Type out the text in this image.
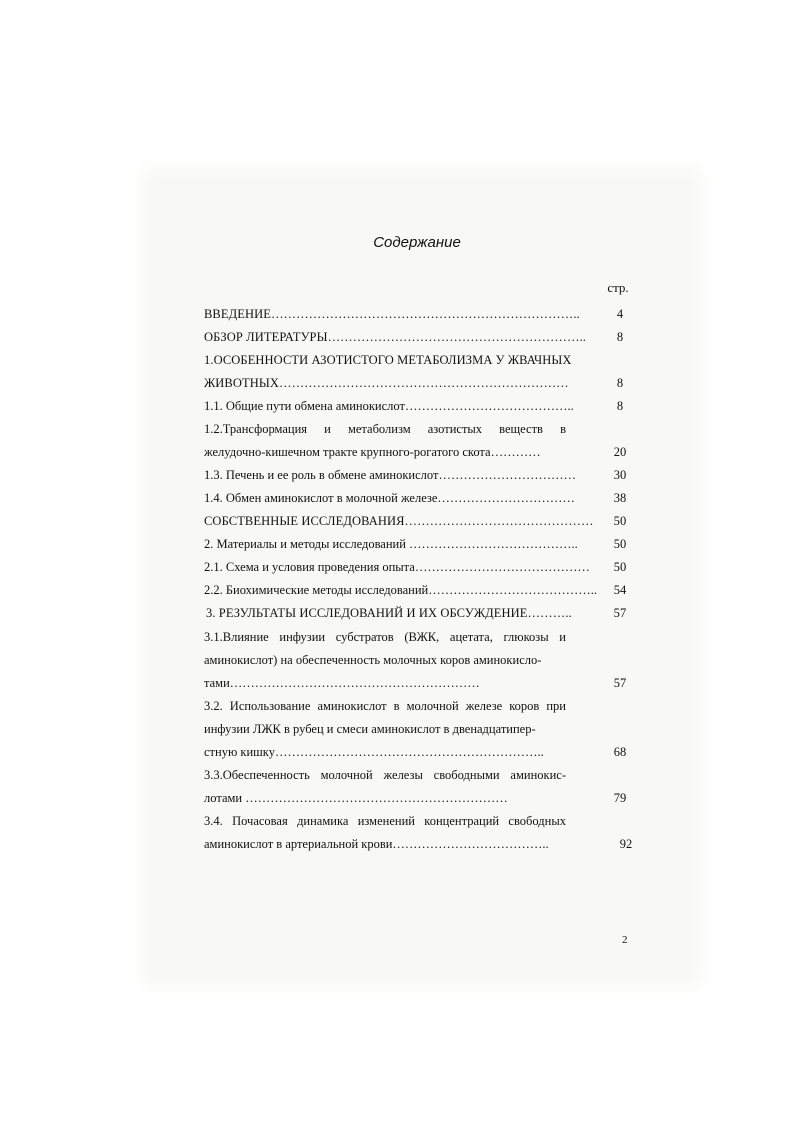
Содержание
стр.
ВВЕДЕНИЕ………………………………………………………………..	4
ОБЗОР ЛИТЕРАТУРЫ……………………………………………………..	8
1.ОСОБЕННОСТИ АЗОТИСТОГО МЕТАБОЛИЗМА У ЖВАЧНЫХ
ЖИВОТНЫХ……………………………………………………………	8
1.1. Общие пути обмена аминокислот…………………………………..	8
1.2.Трансформация и метаболизм азотистых веществ в
желудочно-кишечном тракте крупного-рогатого скота…………	20
1.3. Печень и ее роль в обмене аминокислот……………………………	30
1.4. Обмен аминокислот в молочной железе……………………………	38
СОБСТВЕННЫЕ ИССЛЕДОВАНИЯ………………………………………	50
2. Материалы и методы исследований …………………………………..	50
2.1. Схема и условия проведения опыта……………………………………	50
2.2. Биохимические методы исследований…………………………………..	54
3. РЕЗУЛЬТАТЫ ИССЛЕДОВАНИЙ И ИХ ОБСУЖДЕНИЕ………..	57
3.1.Влияние инфузии субстратов (ВЖК, ацетата, глюкозы и
аминокислот) на обеспеченность молочных коров аминокисло-
тами……………………………………………………	57
3.2. Использование аминокислот в молочной железе коров при
инфузии ЛЖК в рубец и смеси аминокислот в двенадцатипер-
стную кишку………………………………………………………..	68
3.3.Обеспеченность молочной железы свободными аминокис-
лотами ………………………………………………………	79
3.4. Почасовая динамика изменений концентраций свободных
аминокислот в артериальной крови………………………………..	92
2
